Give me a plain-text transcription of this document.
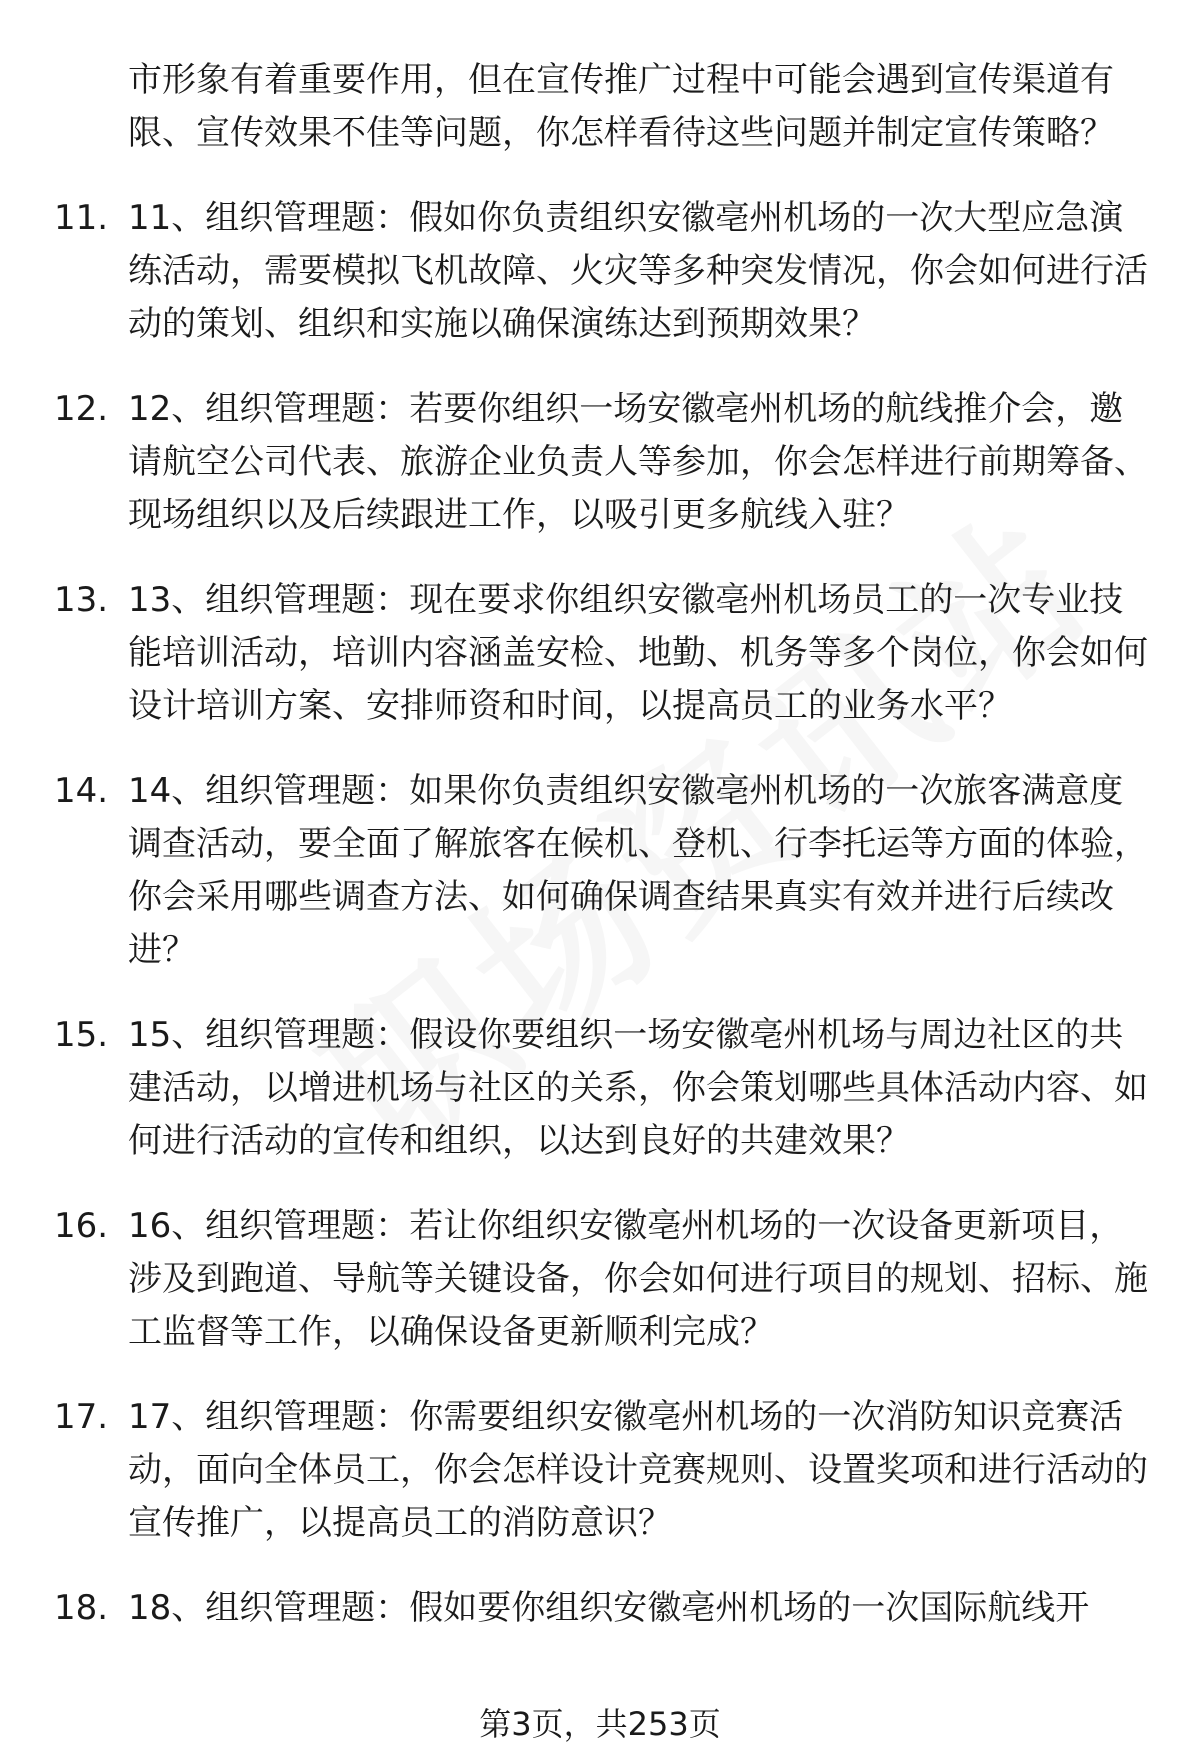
市形象有着重要作用，但在宣传推广过程中可能会遇到宣传渠道有限、宣传效果不佳等问题，你怎样看待这些问题并制定宣传策略？
11. 11、组织管理题：假如你负责组织安徽亳州机场的一次大型应急演练活动，需要模拟飞机故障、火灾等多种突发情况，你会如何进行活动的策划、组织和实施以确保演练达到预期效果？
12. 12、组织管理题：若要你组织一场安徽亳州机场的航线推介会，邀请航空公司代表、旅游企业负责人等参加，你会怎样进行前期筹备、现场组织以及后续跟进工作，以吸引更多航线入驻？
13. 13、组织管理题：现在要求你组织安徽亳州机场员工的一次专业技能培训活动，培训内容涵盖安检、地勤、机务等多个岗位，你会如何设计培训方案、安排师资和时间，以提高员工的业务水平？
14. 14、组织管理题：如果你负责组织安徽亳州机场的一次旅客满意度调查活动，要全面了解旅客在候机、登机、行李托运等方面的体验，你会采用哪些调查方法、如何确保调查结果真实有效并进行后续改进？
15. 15、组织管理题：假设你要组织一场安徽亳州机场与周边社区的共建活动，以增进机场与社区的关系，你会策划哪些具体活动内容、如何进行活动的宣传和组织，以达到良好的共建效果？
16. 16、组织管理题：若让你组织安徽亳州机场的一次设备更新项目，涉及到跑道、导航等关键设备，你会如何进行项目的规划、招标、施工监督等工作，以确保设备更新顺利完成？
17. 17、组织管理题：你需要组织安徽亳州机场的一次消防知识竞赛活动，面向全体员工，你会怎样设计竞赛规则、设置奖项和进行活动的宣传推广，以提高员工的消防意识？
18. 18、组织管理题：假如要你组织安徽亳州机场的一次国际航线开
第3页，共253页
